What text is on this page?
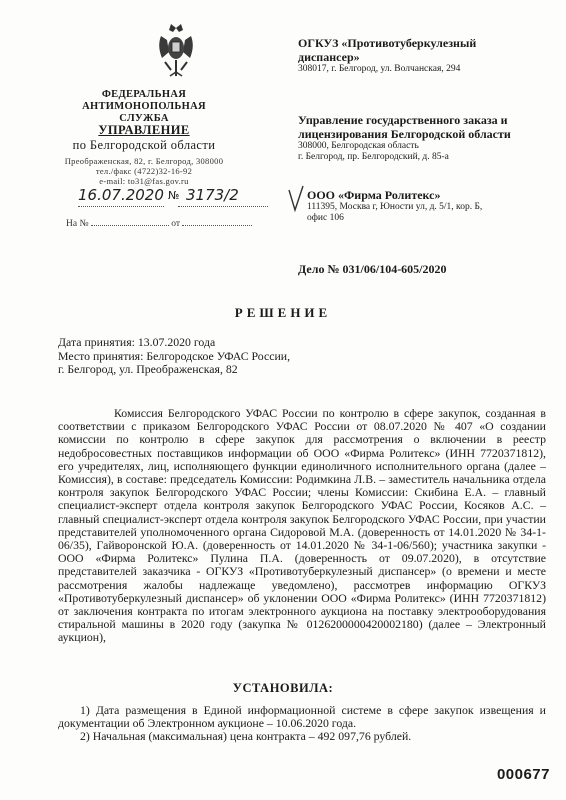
ФЕДЕРАЛЬНАЯ
АНТИМОНОПОЛЬНАЯ СЛУЖБА
УПРАВЛЕНИЕ
по Белгородской области
Преображенская, 82, г. Белгород, 308000
тел./факс (4722)32-16-92
e-mail: to31@fas.gov.ru
16.07.2020 3173/2
№
На №	от
ОГКУЗ «Противотуберкулезный
диспансер»
308017, г. Белгород, ул. Волчанская, 294
Управление государственного заказа и
лицензирования Белгородской области
308000, Белгородская область
г. Белгород, пр. Белгородский, д. 85-а
ООО «Фирма Ролитекс»
111395, Москва г, Юности ул, д. 5/1, кор. Б,
офис 106
Дело № 031/06/104-605/2020
РЕШЕНИЕ
Дата принятия: 13.07.2020 года
Место принятия: Белгородское УФАС России,
г. Белгород, ул. Преображенская, 82

Комиссия Белгородского УФАС России по контролю в сфере закупок, созданная в соответствии с приказом Белгородского УФАС России от 08.07.2020 № 407 «О создании комиссии по контролю в сфере закупок для рассмотрения о включении в реестр недобросовестных поставщиков информации об ООО «Фирма Ролитекс» (ИНН 7720371812), его учредителях, лиц, исполняющего функции единоличного исполнительного органа (далее – Комиссия), в составе: председатель Комиссии: Родимкина Л.В. – заместитель начальника отдела контроля закупок Белгородского УФАС России; члены Комиссии: Скибина Е.А. – главный специалист-эксперт отдела контроля закупок Белгородского УФАС России, Косяков А.С. – главный специалист-эксперт отдела контроля закупок Белгородского УФАС России, при участии представителей уполномоченного органа Сидоровой М.А. (доверенность от 14.01.2020 № 34-1-06/35), Гайворонской Ю.А. (доверенность от 14.01.2020 № 34-1-06/560); участника закупки - ООО «Фирма Ролитекс» Пулина П.А. (доверенность от 09.07.2020), в отсутствие представителей заказчика - ОГКУЗ «Противотуберкулезный диспансер» (о времени и месте рассмотрения жалобы надлежаще уведомлено), рассмотрев информацию ОГКУЗ «Противотуберкулезный диспансер» об уклонении ООО «Фирма Ролитекс» (ИНН 7720371812) от заключения контракта по итогам электронного аукциона на поставку электрооборудования стиральной машины в 2020 году (закупка № 0126200000420002180) (далее – Электронный аукцион),

УСТАНОВИЛА:

1) Дата размещения в Единой информационной системе в сфере закупок извещения и документации об Электронном аукционе – 10.06.2020 года.

2) Начальная (максимальная) цена контракта – 492 097,76 рублей.

000677
